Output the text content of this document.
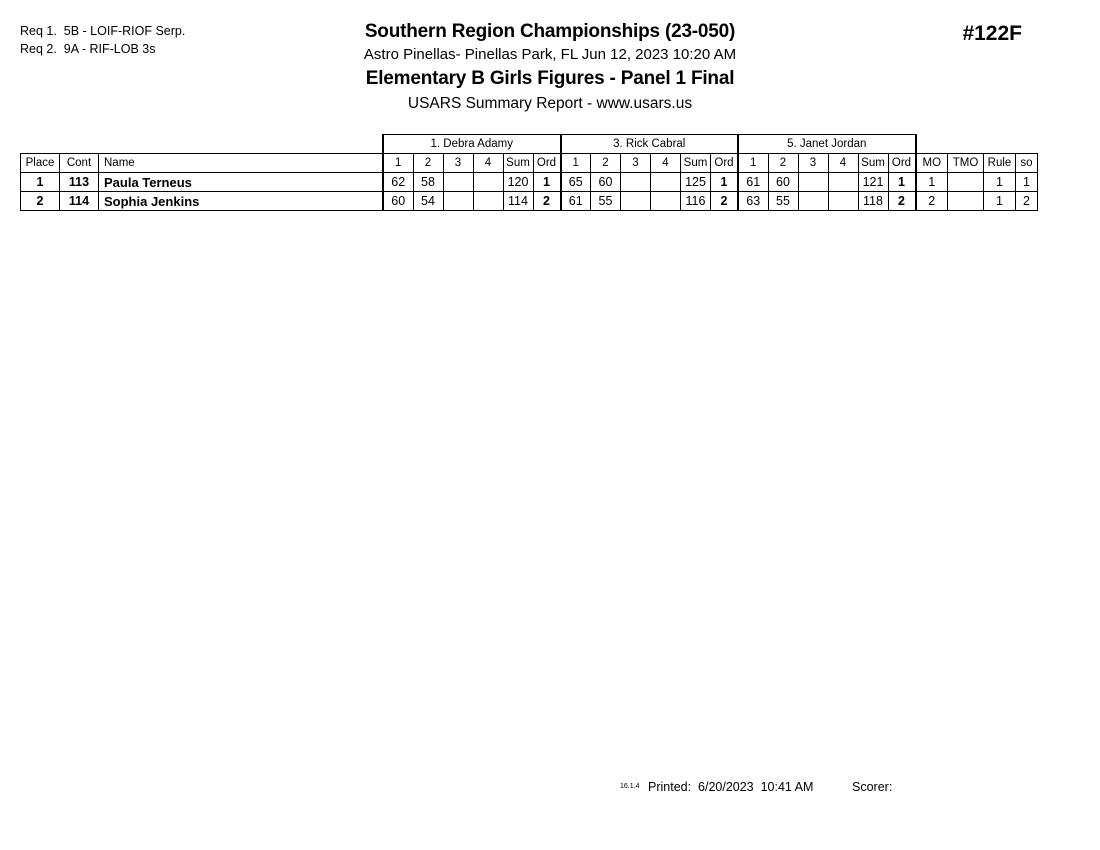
Req 1.  5B - LOIF-RIOF Serp.
Req 2.  9A - RIF-LOB 3s
Southern Region Championships (23-050)
Astro Pinellas- Pinellas Park, FL Jun 12, 2023 10:20 AM
Elementary B Girls Figures - Panel 1 Final
USARS Summary Report - www.usars.us
#122F
			1. Debra Adamy						3. Rick Cabral						5. Janet Jordan									
Place	Cont	Name	1	2	3	4	Sum	Ord	1	2	3	4	Sum	Ord	1	2	3	4	Sum	Ord	MO	TMO	Rule	so
1	113	Paula Terneus	62	58			120	1	65	60			125	1	61	60			121	1	1		1	1
2	114	Sophia Jenkins	60	54			114	2	61	55			116	2	63	55			118	2	2		1	2
16.1.4 Printed:  6/20/2023  10:41 AM	Scorer:
